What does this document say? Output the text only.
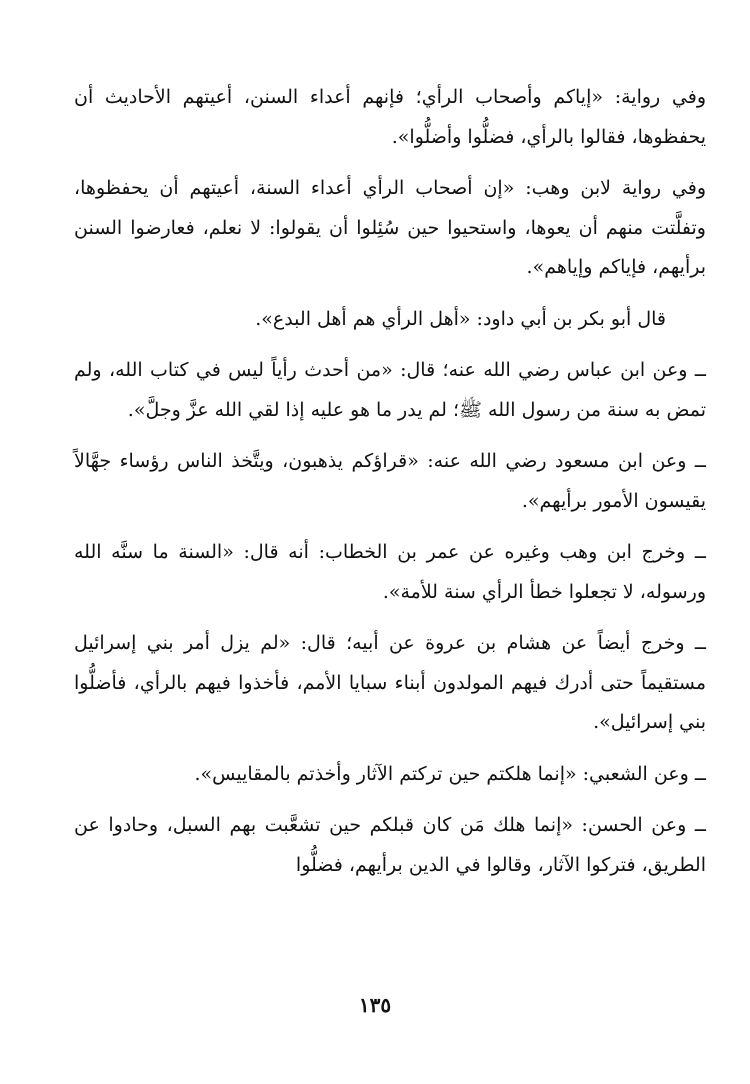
وفي رواية: «إياكم وأصحاب الرأي؛ فإنهم أعداء السنن، أعيتهم الأحاديث أن يحفظوها، فقالوا بالرأي، فضلُّوا وأضلُّوا».

وفي رواية لابن وهب: «إن أصحاب الرأي أعداء السنة، أعيتهم أن يحفظوها، وتفلَّتت منهم أن يعوها، واستحيوا حين سُئِلوا أن يقولوا: لا نعلم، فعارضوا السنن برأيهم، فإياكم وإياهم».

قال أبو بكر بن أبي داود: «أهل الرأي هم أهل البدع».

ــ وعن ابن عباس رضي الله عنه؛ قال: «من أحدث رأياً ليس في كتاب الله، ولم تمض به سنة من رسول الله ﷺ؛ لم يدر ما هو عليه إذا لقي الله عزَّ وجلَّ».

ــ وعن ابن مسعود رضي الله عنه: «قراؤكم يذهبون، ويتَّخذ الناس رؤساء جهَّالاً يقيسون الأمور برأيهم».

ــ وخرج ابن وهب وغيره عن عمر بن الخطاب: أنه قال: «السنة ما سنَّه الله ورسوله، لا تجعلوا خطأ الرأي سنة للأمة».

ــ وخرج أيضاً عن هشام بن عروة عن أبيه؛ قال: «لم يزل أمر بني إسرائيل مستقيماً حتى أدرك فيهم المولدون أبناء سبايا الأمم، فأخذوا فيهم بالرأي، فأضلُّوا بني إسرائيل».

ــ وعن الشعبي: «إنما هلكتم حين تركتم الآثار وأخذتم بالمقاييس».

ــ وعن الحسن: «إنما هلك مَن كان قبلكم حين تشعَّبت بهم السبل، وحادوا عن الطريق، فتركوا الآثار، وقالوا في الدين برأيهم، فضلُّوا

١٣٥
